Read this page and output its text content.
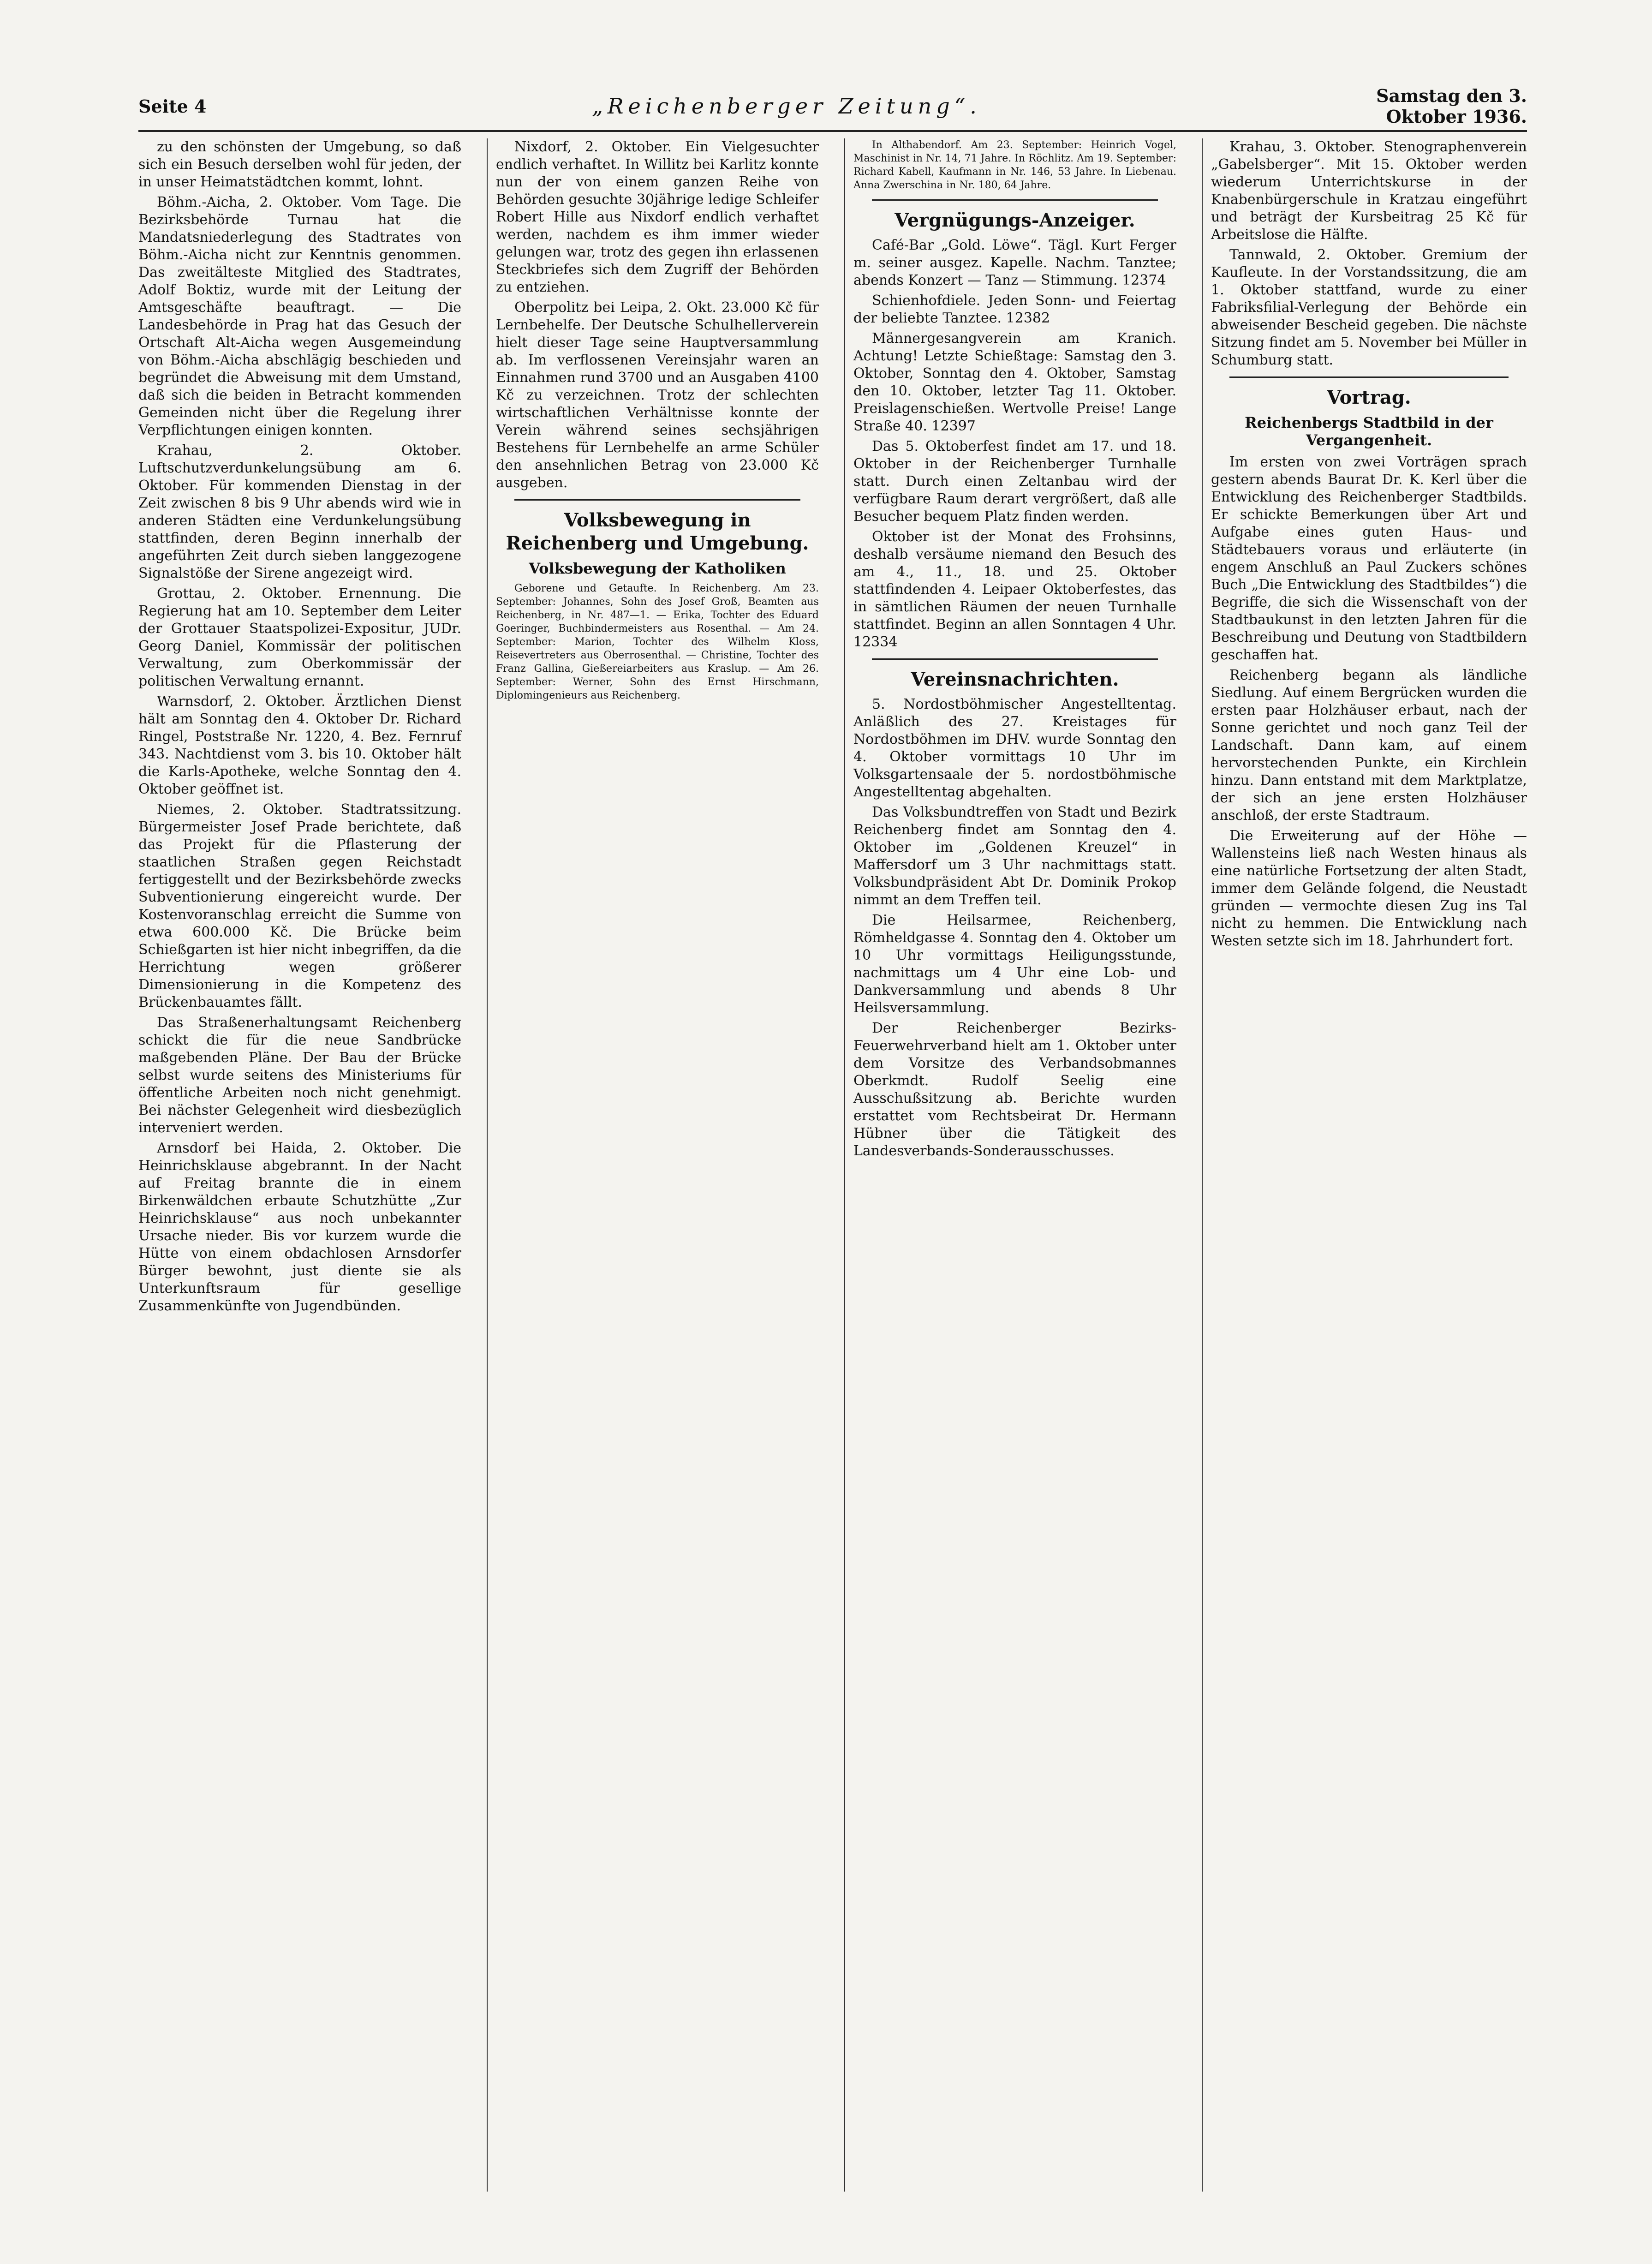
Seite 4	„Reichenberger Zeitung“.	Samstag den 3. Oktober 1936.

zu den schönsten der Umgebung, so daß sich ein Besuch derselben wohl für jeden, der in unser Heimatstädtchen kommt, lohnt.

Böhm.-Aicha, 2. Oktober. Vom Tage. Die Bezirksbehörde Turnau hat die Mandatsniederlegung des Stadtrates von Böhm.-Aicha nicht zur Kenntnis genommen. Das zweitälteste Mitglied des Stadtrates, Adolf Boktiz, wurde mit der Leitung der Amtsgeschäfte beauftragt. — Die Landesbehörde in Prag hat das Gesuch der Ortschaft Alt-Aicha wegen Ausgemeindung von Böhm.-Aicha abschlägig beschieden und begründet die Abweisung mit dem Umstand, daß sich die beiden in Betracht kommenden Gemeinden nicht über die Regelung ihrer Verpflichtungen einigen konnten.

Krahau, 2. Oktober. Luftschutzverdunkelungsübung am 6. Oktober. Für kommenden Dienstag in der Zeit zwischen 8 bis 9 Uhr abends wird wie in anderen Städten eine Verdunkelungsübung stattfinden, deren Beginn innerhalb der angeführten Zeit durch sieben langgezogene Signalstöße der Sirene angezeigt wird.

Grottau, 2. Oktober. Ernennung. Die Regierung hat am 10. September dem Leiter der Grottauer Staatspolizei-Expositur, JUDr. Georg Daniel, Kommissär der politischen Verwaltung, zum Oberkommissär der politischen Verwaltung ernannt.

Warnsdorf, 2. Oktober. Ärztlichen Dienst hält am Sonntag den 4. Oktober Dr. Richard Ringel, Poststraße Nr. 1220, 4. Bez. Fernruf 343. Nachtdienst vom 3. bis 10. Oktober hält die Karls-Apotheke, welche Sonntag den 4. Oktober geöffnet ist.

Niemes, 2. Oktober. Stadtratssitzung. Bürgermeister Josef Prade berichtete, daß das Projekt für die Pflasterung der staatlichen Straßen gegen Reichstadt fertiggestellt und der Bezirksbehörde zwecks Subventionierung eingereicht wurde. Der Kostenvoranschlag erreicht die Summe von etwa 600.000 Kč. Die Brücke beim Schießgarten ist hier nicht inbegriffen, da die Herrichtung wegen größerer Dimensionierung in die Kompetenz des Brückenbauamtes fällt.

Das Straßenerhaltungsamt Reichenberg schickt die für die neue Sandbrücke maßgebenden Pläne. Der Bau der Brücke selbst wurde seitens des Ministeriums für öffentliche Arbeiten noch nicht genehmigt. Bei nächster Gelegenheit wird diesbezüglich interveniert werden.

Arnsdorf bei Haida, 2. Oktober. Die Heinrichsklause abgebrannt. In der Nacht auf Freitag brannte die in einem Birkenwäldchen erbaute Schutzhütte „Zur Heinrichsklause“ aus noch unbekannter Ursache nieder. Bis vor kurzem wurde die Hütte von einem obdachlosen Arnsdorfer Bürger bewohnt, just diente sie als Unterkunftsraum für gesellige Zusammenkünfte von Jugendbünden.

Nixdorf, 2. Oktober. Ein Vielgesuchter endlich verhaftet. In Willitz bei Karlitz konnte nun der von einem ganzen Reihe von Behörden gesuchte 30jährige ledige Schleifer Robert Hille aus Nixdorf endlich verhaftet werden, nachdem es ihm immer wieder gelungen war, trotz des gegen ihn erlassenen Steckbriefes sich dem Zugriff der Behörden zu entziehen.

Oberpolitz bei Leipa, 2. Okt. 23.000 Kč für Lernbehelfe. Der Deutsche Schulhellerverein hielt dieser Tage seine Hauptversammlung ab. Im verflossenen Vereinsjahr waren an Einnahmen rund 3700 und an Ausgaben 4100 Kč zu verzeichnen. Trotz der schlechten wirtschaftlichen Verhältnisse konnte der Verein während seines sechsjährigen Bestehens für Lernbehelfe an arme Schüler den ansehnlichen Betrag von 23.000 Kč ausgeben.

Volksbewegung in Reichenberg und Umgebung.
Volksbewegung der Katholiken

Geborene und Getaufte. In Reichenberg. Am 23. September: Johannes, Sohn des Josef Groß, Beamten aus Reichenberg, in Nr. 487—1. — Erika, Tochter des Eduard Goeringer, Buchbindermeisters aus Rosenthal. — Am 24. September: Marion, Tochter des Wilhelm Kloss, Reisevertreters aus Oberrosenthal. — Christine, Tochter des Franz Gallina, Gießereiarbeiters aus Kraslup. — Am 26. September: Werner, Sohn des Ernst Hirschmann, Diplomingenieurs aus Reichenberg.

In Althabendorf. Am 23. September: Heinrich Vogel, Maschinist in Nr. 14, 71 Jahre. In Röchlitz. Am 19. September: Richard Kabell, Kaufmann in Nr. 146, 53 Jahre. In Liebenau. Anna Zwerschina in Nr. 180, 64 Jahre.

Vergnügungs-Anzeiger.

Café-Bar „Gold. Löwe“. Tägl. Kurt Ferger m. seiner ausgez. Kapelle. Nachm. Tanztee; abends Konzert — Tanz — Stimmung. 12374

Schienhofdiele. Jeden Sonn- und Feiertag der beliebte Tanztee. 12382

Männergesangverein am Kranich. Achtung! Letzte Schießtage: Samstag den 3. Oktober, Sonntag den 4. Oktober, Samstag den 10. Oktober, letzter Tag 11. Oktober. Preislagenschießen. Wertvolle Preise! Lange Straße 40. 12397

Das 5. Oktoberfest findet am 17. und 18. Oktober in der Reichenberger Turnhalle statt. Durch einen Zeltanbau wird der verfügbare Raum derart vergrößert, daß alle Besucher bequem Platz finden werden.

Oktober ist der Monat des Frohsinns, deshalb versäume niemand den Besuch des am 4., 11., 18. und 25. Oktober stattfindenden 4. Leipaer Oktoberfestes, das in sämtlichen Räumen der neuen Turnhalle stattfindet. Beginn an allen Sonntagen 4 Uhr. 12334

Vereinsnachrichten.

5. Nordostböhmischer Angestelltentag. Anläßlich des 27. Kreistages für Nordostböhmen im DHV. wurde Sonntag den 4. Oktober vormittags 10 Uhr im Volksgartensaale der 5. nordostböhmische Angestelltentag abgehalten.

Das Volksbundtreffen von Stadt und Bezirk Reichenberg findet am Sonntag den 4. Oktober im „Goldenen Kreuzel“ in Maffersdorf um 3 Uhr nachmittags statt. Volksbundpräsident Abt Dr. Dominik Prokop nimmt an dem Treffen teil.

Die Heilsarmee, Reichenberg, Römheldgasse 4. Sonntag den 4. Oktober um 10 Uhr vormittags Heiligungsstunde, nachmittags um 4 Uhr eine Lob- und Dankversammlung und abends 8 Uhr Heilsversammlung.

Der Reichenberger Bezirks-Feuerwehrverband hielt am 1. Oktober unter dem Vorsitze des Verbandsobmannes Oberkmdt. Rudolf Seelig eine Ausschußsitzung ab. Berichte wurden erstattet vom Rechtsbeirat Dr. Hermann Hübner über die Tätigkeit des Landesverbands-Sonderausschusses.

Krahau, 3. Oktober. Stenographenverein „Gabelsberger“. Mit 15. Oktober werden wiederum Unterrichtskurse in der Knabenbürgerschule in Kratzau eingeführt und beträgt der Kursbeitrag 25 Kč für Arbeitslose die Hälfte.

Tannwald, 2. Oktober. Gremium der Kaufleute. In der Vorstandssitzung, die am 1. Oktober stattfand, wurde zu einer Fabriksfilial-Verlegung der Behörde ein abweisender Bescheid gegeben. Die nächste Sitzung findet am 5. November bei Müller in Schumburg statt.

Vortrag.
Reichenbergs Stadtbild in der Vergangenheit.

Im ersten von zwei Vorträgen sprach gestern abends Baurat Dr. K. Kerl über die Entwicklung des Reichenberger Stadtbilds. Er schickte Bemerkungen über Art und Aufgabe eines guten Haus- und Städtebauers voraus und erläuterte (in engem Anschluß an Paul Zuckers schönes Buch „Die Entwicklung des Stadtbildes“) die Begriffe, die sich die Wissenschaft von der Stadtbaukunst in den letzten Jahren für die Beschreibung und Deutung von Stadtbildern geschaffen hat.

Reichenberg begann als ländliche Siedlung. Auf einem Bergrücken wurden die ersten paar Holzhäuser erbaut, nach der Sonne gerichtet und noch ganz Teil der Landschaft. Dann kam, auf einem hervorstechenden Punkte, ein Kirchlein hinzu. Dann entstand mit dem Marktplatze, der sich an jene ersten Holzhäuser anschloß, der erste Stadtraum.

Die Erweiterung auf der Höhe — Wallensteins ließ nach Westen hinaus als eine natürliche Fortsetzung der alten Stadt, immer dem Gelände folgend, die Neustadt gründen — vermochte diesen Zug ins Tal nicht zu hemmen. Die Entwicklung nach Westen setzte sich im 18. Jahrhundert fort.
